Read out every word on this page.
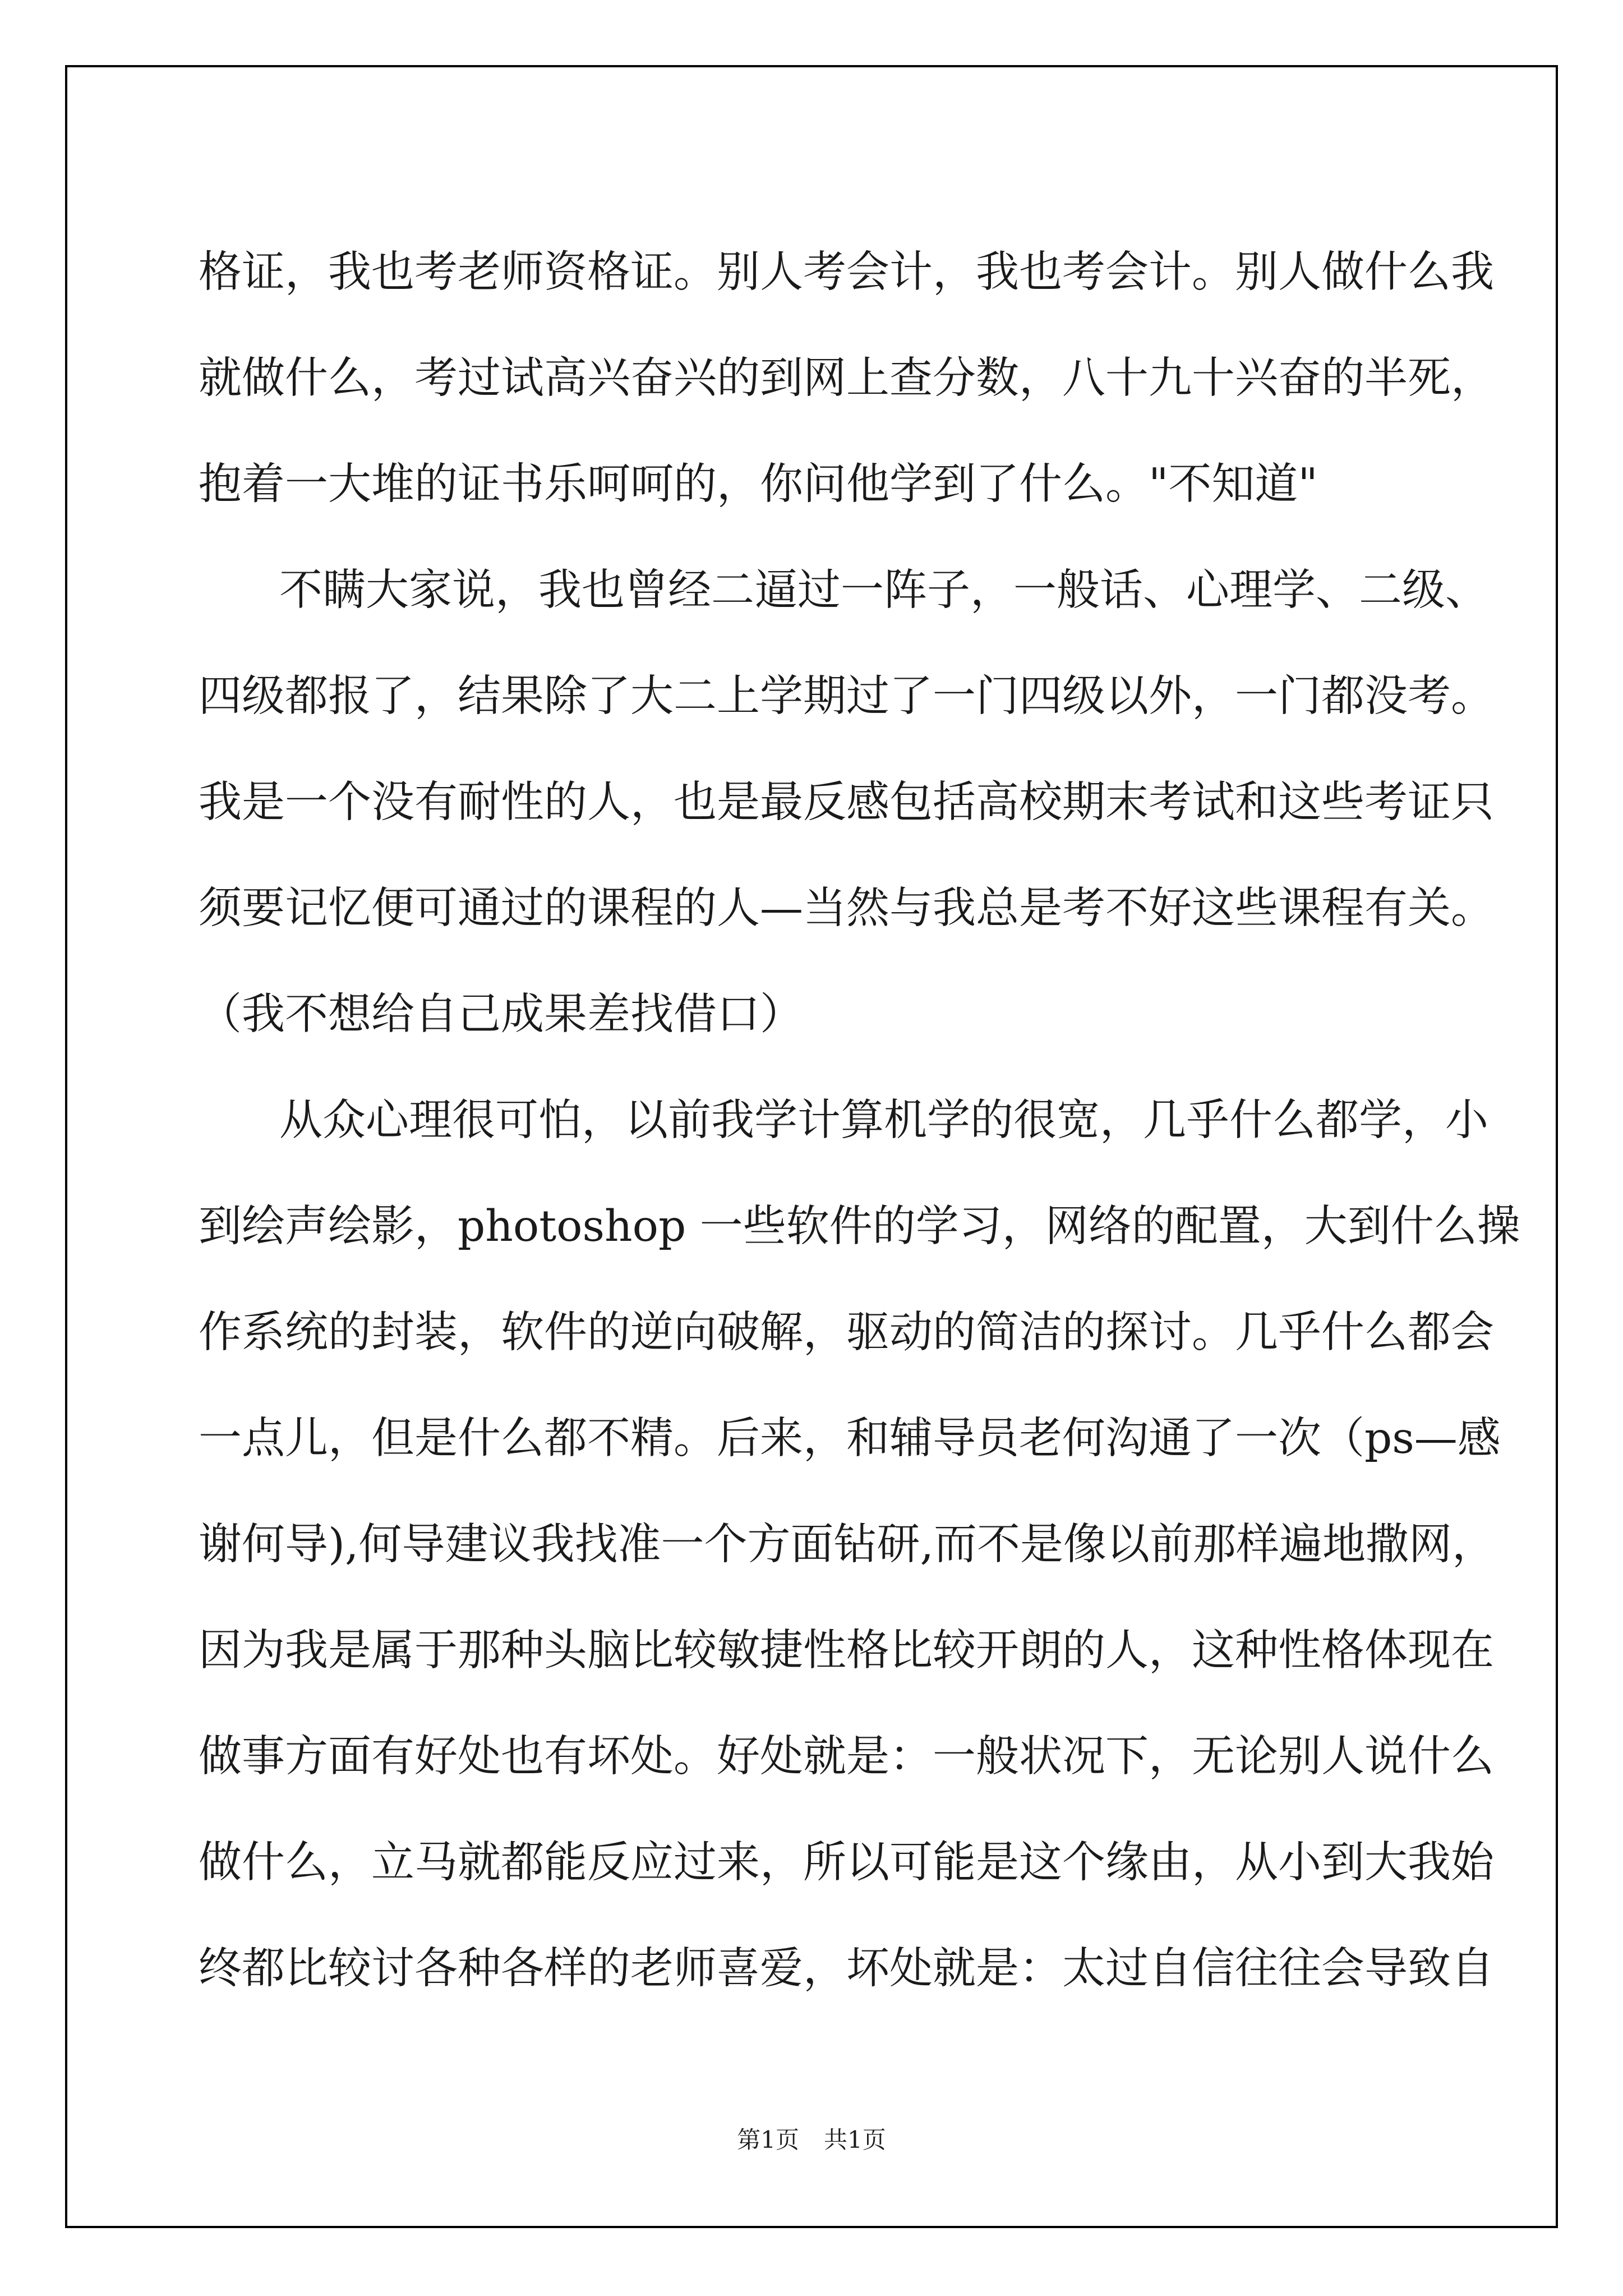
格证，我也考老师资格证。别人考会计，我也考会计。别人做什么我
就做什么，考过试高兴奋兴的到网上查分数，八十九十兴奋的半死，
抱着一大堆的证书乐呵呵的，你问他学到了什么。"不知道"
不瞒大家说，我也曾经二逼过一阵子，一般话、心理学、二级、
四级都报了，结果除了大二上学期过了一门四级以外，一门都没考。
我是一个没有耐性的人，也是最反感包括高校期末考试和这些考证只
须要记忆便可通过的课程的人—当然与我总是考不好这些课程有关。
（我不想给自己成果差找借口）
从众心理很可怕，以前我学计算机学的很宽，几乎什么都学，小
到绘声绘影，photoshop 一些软件的学习，网络的配置，大到什么操
作系统的封装，软件的逆向破解，驱动的简洁的探讨。几乎什么都会
一点儿，但是什么都不精。后来，和辅导员老何沟通了一次（ps—感
谢何导),何导建议我找准一个方面钻研,而不是像以前那样遍地撒网，
因为我是属于那种头脑比较敏捷性格比较开朗的人，这种性格体现在
做事方面有好处也有坏处。好处就是：一般状况下，无论别人说什么
做什么，立马就都能反应过来，所以可能是这个缘由，从小到大我始
终都比较讨各种各样的老师喜爱，坏处就是：太过自信往往会导致自
第1页 共1页
